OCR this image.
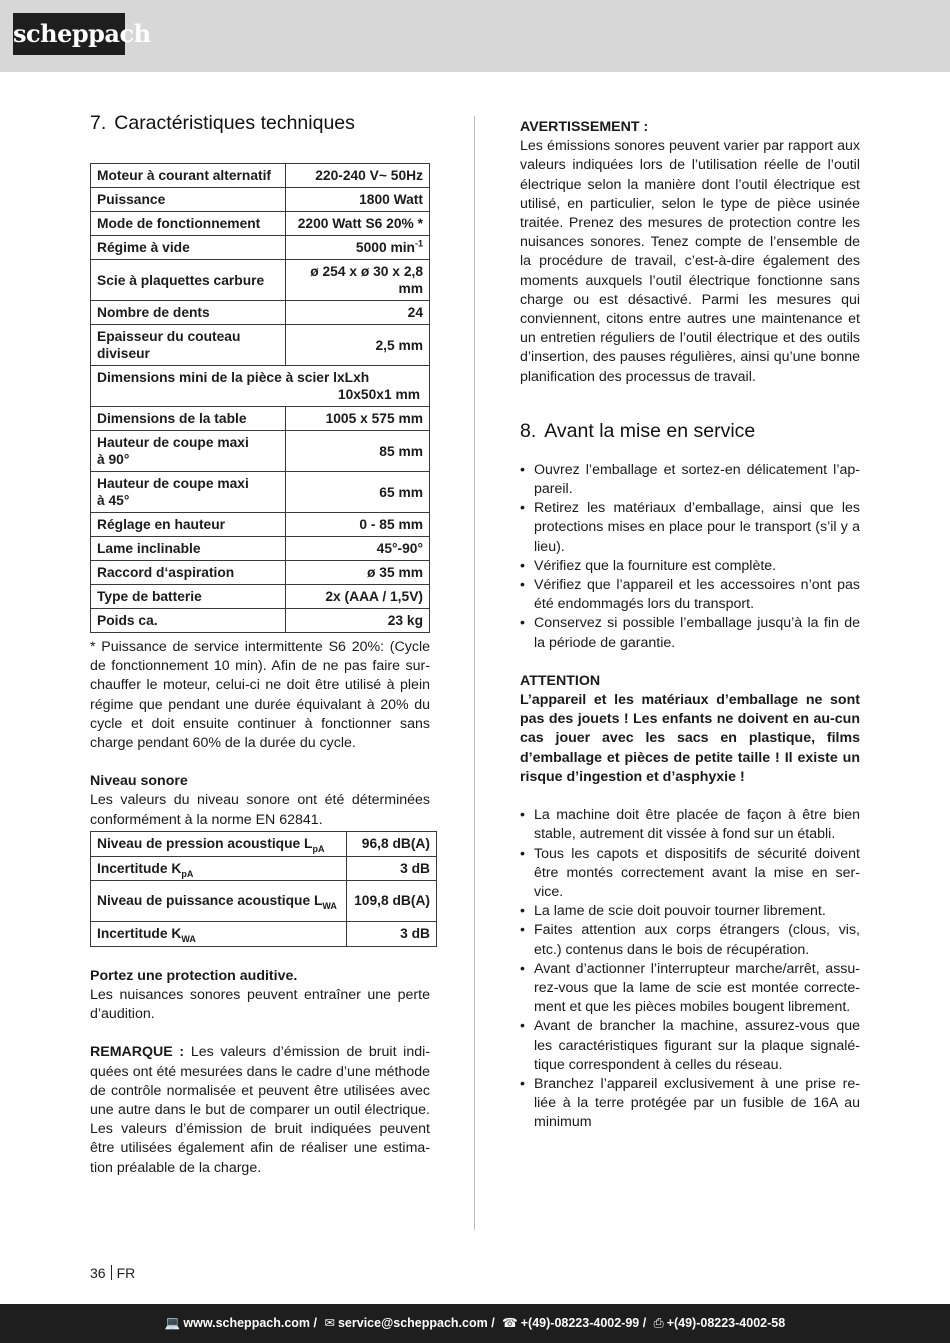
scheppach
7. Caractéristiques techniques
Moteur à courant alternatif	220-240 V~ 50Hz
Puissance	1800 Watt
Mode de fonctionnement	2200 Watt S6 20% *
Régime à vide	5000 $\min^{-1}$
Scie à plaquettes carbure	ø 254 x ø 30 x 2,8
mm
Nombre de dents	24
Epaisseur du couteau
diviseur	2,5 mm
Dimensions mini de la pièce à scier lxLxh
10x50x1 mm	

Dimensions de la table	1005 x 575 mm
Hauteur de coupe maxi
à 90°	85 mm
Hauteur de coupe maxi
à 45°	65 mm
Réglage en hauteur	0 - 85 mm
Lame inclinable	45°-90°
Raccord d‘aspiration	ø 35 mm
Type de batterie	2x (AAA / 1,5V)
Poids ca.	23 kg

* Puissance de service intermittente S6 20%: (Cycle de fonctionnement 10 min). Afin de ne pas faire sur-chauffer le moteur, celui-ci ne doit être utilisé à plein régime que pendant une durée équivalant à 20% du cycle et doit ensuite continuer à fonctionner sans charge pendant 60% de la durée du cycle.

Niveau sonore

Les valeurs du niveau sonore ont été déterminées conformément à la norme EN 62841.

Niveau de pression acoustique $L_{pA}$	96,8 dB(A)
Incertitude $K_{pA}$	3 dB
Niveau de puissance acoustique $L_{WA}$	109,8 dB(A)
Incertitude $K_{WA}$	3 dB

Portez une protection auditive.

Les nuisances sonores peuvent entraîner une perte d’audition.

REMARQUE : Les valeurs d’émission de bruit indi-quées ont été mesurées dans le cadre d’une méthode de contrôle normalisée et peuvent être utilisées avec une autre dans le but de comparer un outil électrique. Les valeurs d’émission de bruit indiquées peuvent être utilisées également afin de réaliser une estima-tion préalable de la charge.

AVERTISSEMENT :

Les émissions sonores peuvent varier par rapport aux valeurs indiquées lors de l’utilisation réelle de l’outil électrique selon la manière dont l’outil électrique est utilisé, en particulier, selon le type de pièce usinée traitée. Prenez des mesures de protection contre les nuisances sonores. Tenez compte de l’ensemble de la procédure de travail, c’est-à-dire également des moments auxquels l’outil électrique fonctionne sans charge ou est désactivé. Parmi les mesures qui conviennent, citons entre autres une maintenance et un entretien réguliers de l’outil électrique et des outils d’insertion, des pauses régulières, ainsi qu’une bonne planification des processus de travail.

8. Avant la mise en service
• Ouvrez l’emballage et sortez-en délicatement l’ap-pareil.
• Retirez les matériaux d’emballage, ainsi que les protections mises en place pour le transport (s’il y a lieu).
• Vérifiez que la fourniture est complète.
• Vérifiez que l’appareil et les accessoires n’ont pas été endommagés lors du transport.
• Conservez si possible l’emballage jusqu’à la fin de la période de garantie.

ATTENTION

L’appareil et les matériaux d’emballage ne sont pas des jouets ! Les enfants ne doivent en au-cun cas jouer avec les sacs en plastique, films d’emballage et pièces de petite taille ! Il existe un risque d’ingestion et d’asphyxie !

• La machine doit être placée de façon à être bien stable, autrement dit vissée à fond sur un établi.
• Tous les capots et dispositifs de sécurité doivent être montés correctement avant la mise en ser-vice.
• La lame de scie doit pouvoir tourner librement.
• Faites attention aux corps étrangers (clous, vis, etc.) contenus dans le bois de récupération.
• Avant d’actionner l’interrupteur marche/arrêt, assu-rez-vous que la lame de scie est montée correcte-ment et que les pièces mobiles bougent librement.
• Avant de brancher la machine, assurez-vous que les caractéristiques figurant sur la plaque signalé-tique correspondent à celles du réseau.
• Branchez l’appareil exclusivement à une prise re-liée à la terre protégée par un fusible de 16A au minimum
36 FR
💻 www.scheppach.com / ✉ service@scheppach.com / ☎ +(49)-08223-4002-99 / ⎙ +(49)-08223-4002-58
